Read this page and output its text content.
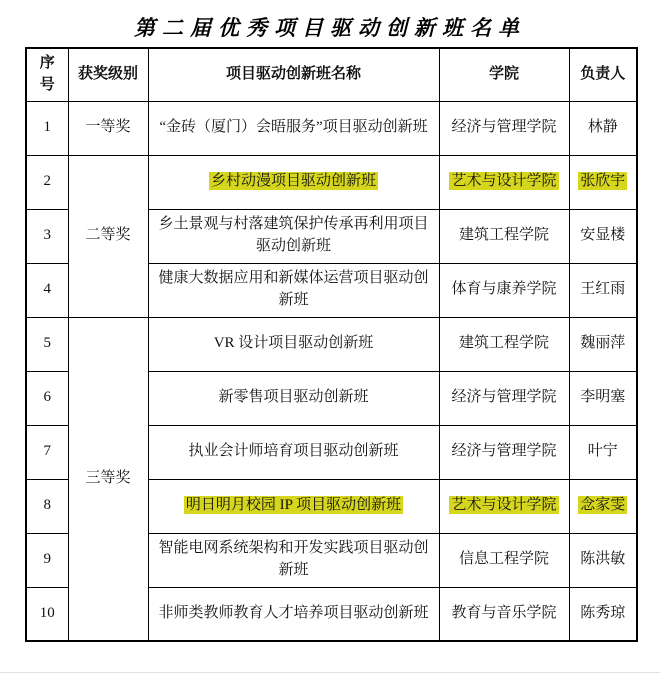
第二届优秀项目驱动创新班名单
序号	获奖级别	项目驱动创新班名称	学院	负责人
1	一等奖	“金砖（厦门）会晤服务”项目驱动创新班	经济与管理学院	林静
2	二等奖	乡村动漫项目驱动创新班	艺术与设计学院	张欣宇
3		乡土景观与村落建筑保护传承再利用项目驱动创新班	建筑工程学院	安显楼
4		健康大数据应用和新媒体运营项目驱动创新班	体育与康养学院	王红雨
5	三等奖	VR 设计项目驱动创新班	建筑工程学院	魏丽萍
6		新零售项目驱动创新班	经济与管理学院	李明塞
7		执业会计师培育项目驱动创新班	经济与管理学院	叶宁
8		明日明月校园 IP 项目驱动创新班	艺术与设计学院	念家雯
9		智能电网系统架构和开发实践项目驱动创新班	信息工程学院	陈洪敏
10		非师类教师教育人才培养项目驱动创新班	教育与音乐学院	陈秀琼
